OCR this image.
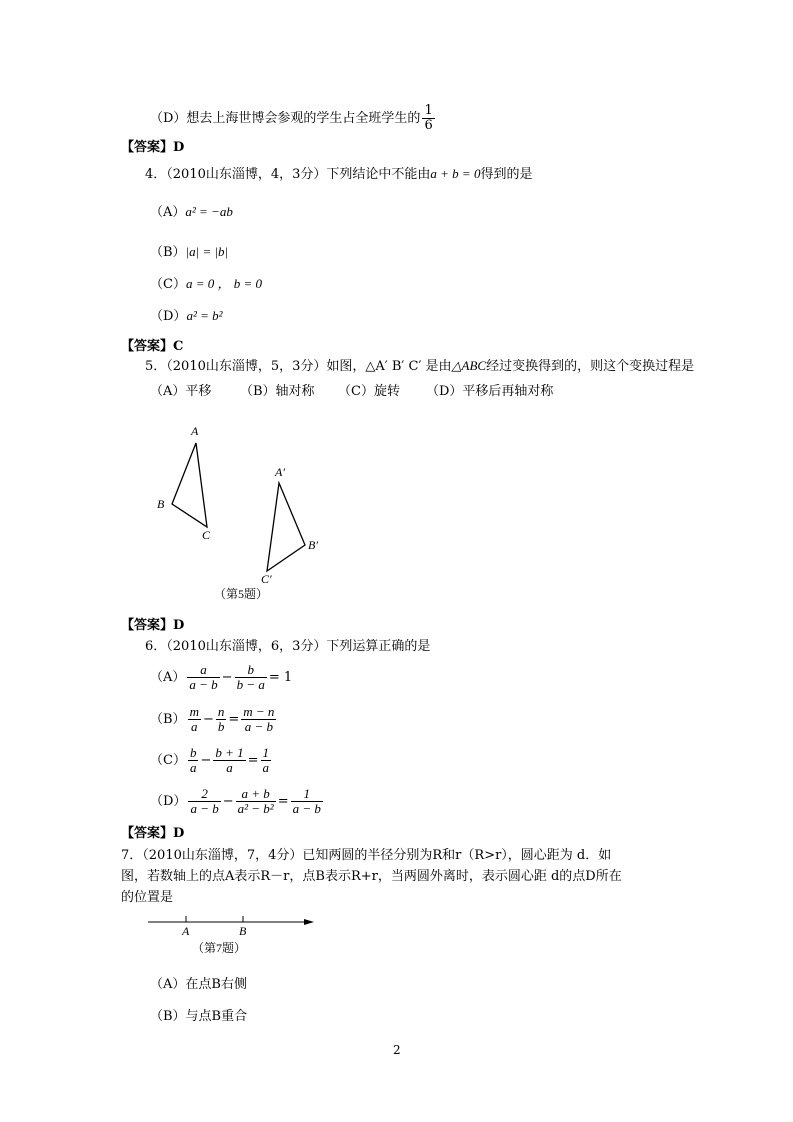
（D）想去上海世博会参观的学生占全班学生的 $\frac{1}{6}$
【答案】D
4．（2010山东淄博，4，3分）下列结论中不能由a + b = 0得到的是
（A）a² = −ab
（B）|a| = |b|
（C）a = 0 ， b = 0
（D）a² = b²
【答案】C
5．（2010山东淄博，5，3分）如图，△A′ B′ C′ 是由△ABC经过变换得到的，则这个变换过程是
（A）平移 （B）轴对称 （C）旋转 （D）平移后再轴对称
A
B
C
A′
B′
C′
（第5题）
【答案】D
6．（2010山东淄博，6，3分）下列运算正确的是
$(A) \frac{a}{a - b} - \frac{b}{b - a} = 1$
$(B) \frac{m}{a} - \frac{n}{b} = \frac{m - n}{a - b}$
$(C) \frac{b}{a} - \frac{b + 1}{a} = \frac{1}{a}$
$(D) \frac{2}{a - b} - \frac{a + b}{\text{a² − b²}} = \frac{1}{a - b}$
【答案】D
7．（2010山东淄博，7，4分）已知两圆的半径分别为R和r（R>r），圆心距为 d．如
图，若数轴上的点A表示R－r，点B表示R+r，当两圆外离时，表示圆心距 d的点D所在
的位置是
A	B
（第7题）
（A）在点B右侧
（B）与点B重合
2
